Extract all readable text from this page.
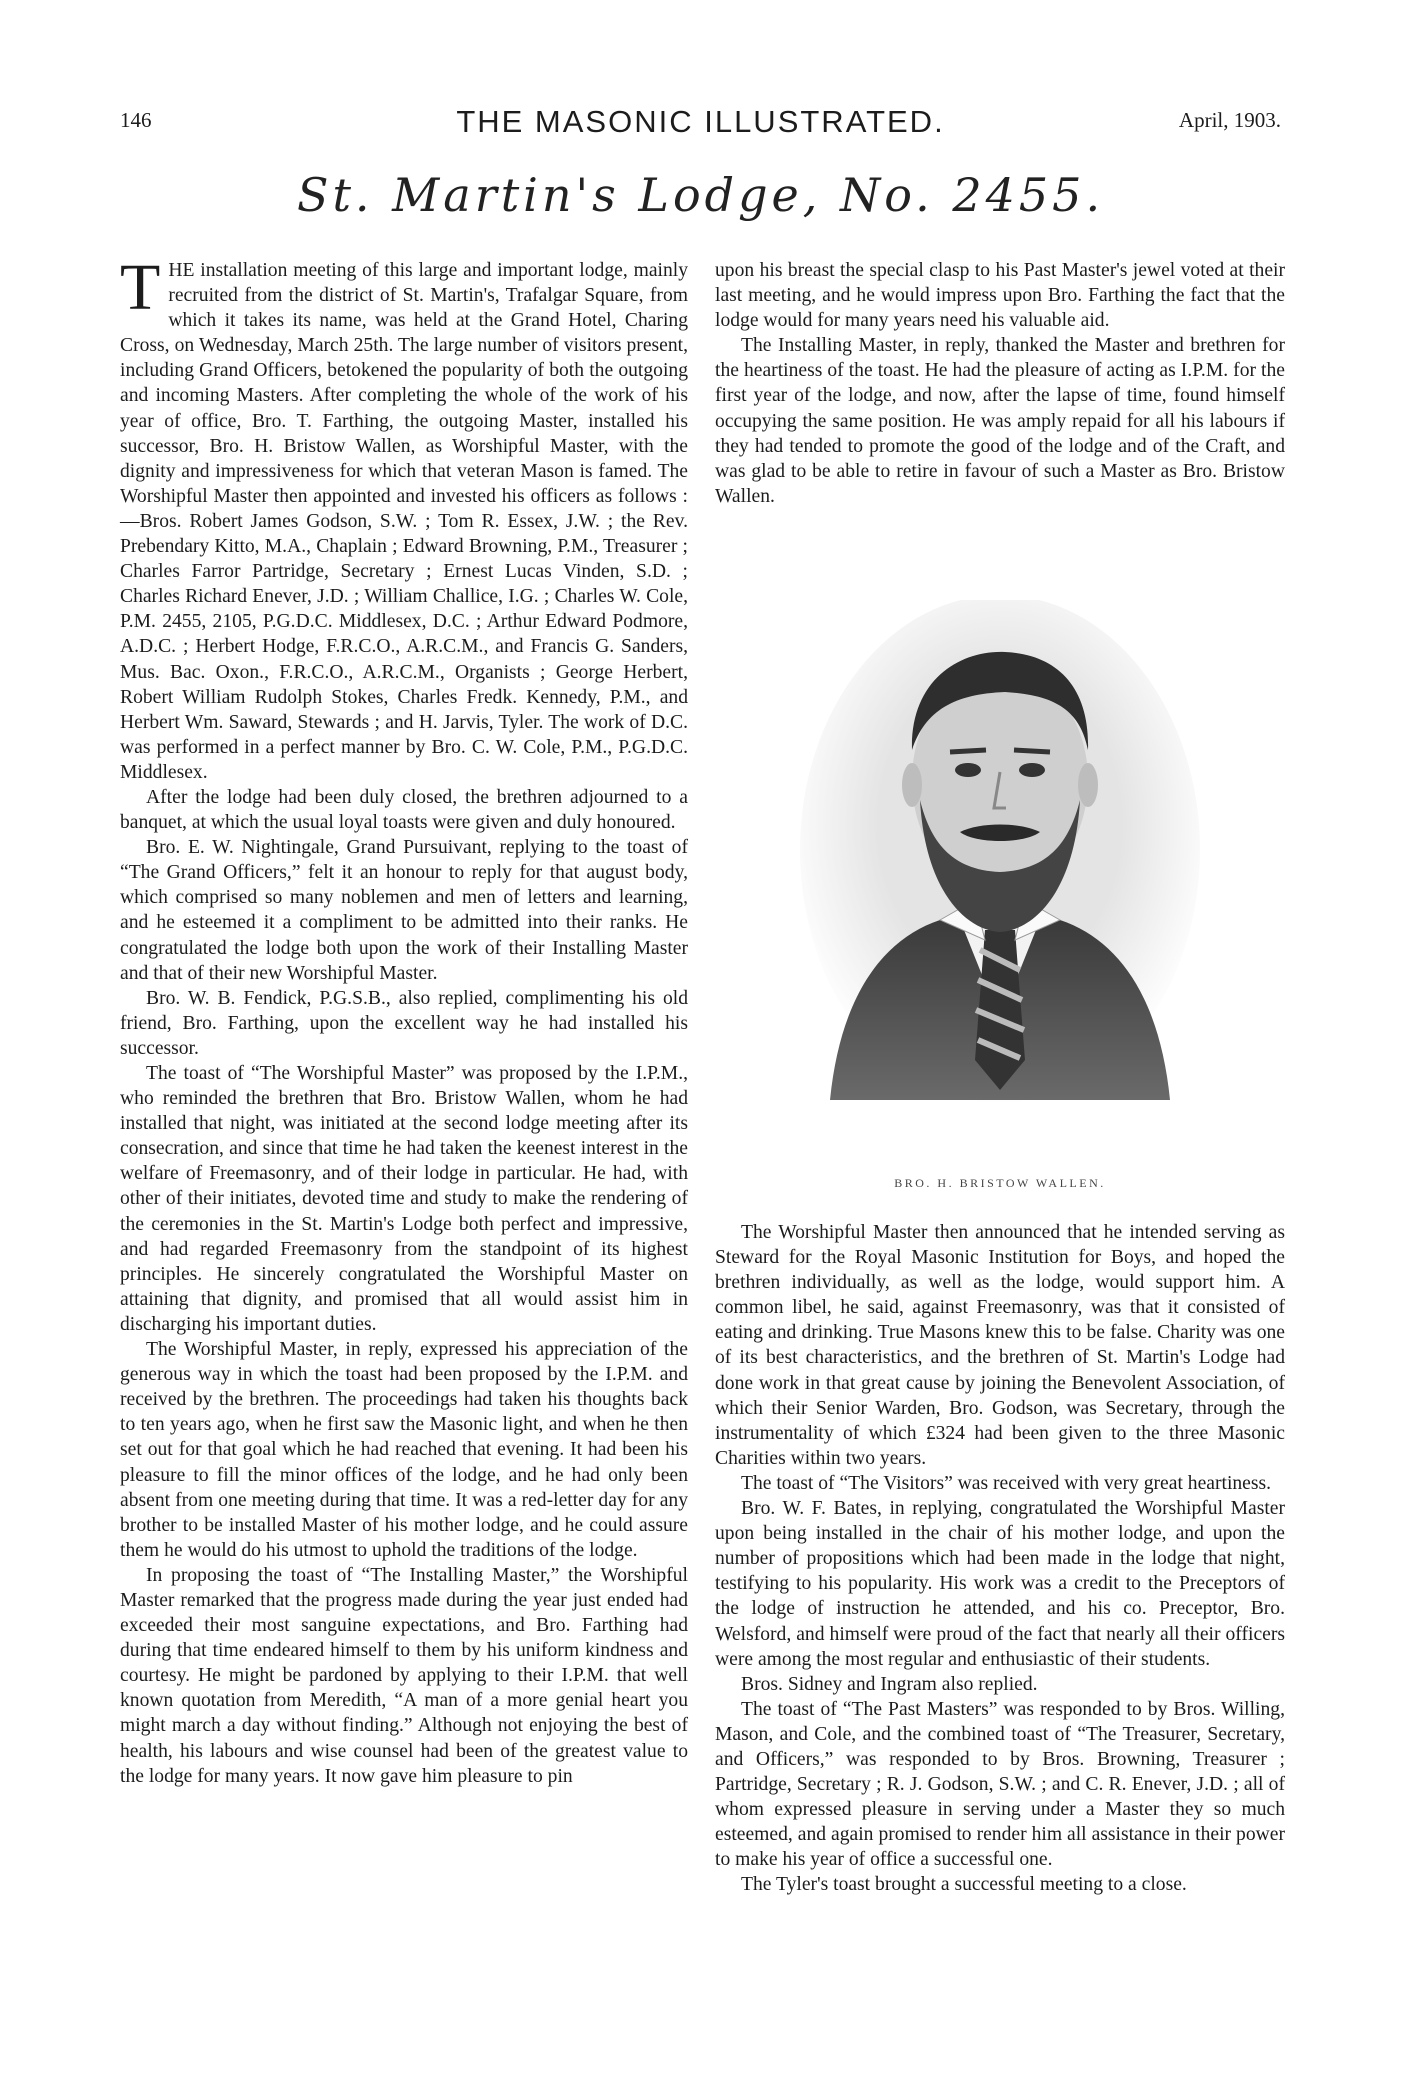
146	THE MASONIC ILLUSTRATED.	April, 1903.
St. Martin's Lodge, No. 2455.

THE installation meeting of this large and important lodge, mainly recruited from the district of St. Martin's, Trafalgar Square, from which it takes its name, was held at the Grand Hotel, Charing Cross, on Wednesday, March 25th. The large number of visitors present, including Grand Officers, betokened the popularity of both the outgoing and incoming Masters. After completing the whole of the work of his year of office, Bro. T. Farthing, the outgoing Master, installed his successor, Bro. H. Bristow Wallen, as Worshipful Master, with the dignity and impressiveness for which that veteran Mason is famed. The Worshipful Master then appointed and invested his officers as follows :—Bros. Robert James Godson, S.W. ; Tom R. Essex, J.W. ; the Rev. Prebendary Kitto, M.A., Chaplain ; Edward Browning, P.M., Treasurer ; Charles Farror Partridge, Secretary ; Ernest Lucas Vinden, S.D. ; Charles Richard Enever, J.D. ; William Challice, I.G. ; Charles W. Cole, P.M. 2455, 2105, P.G.D.C. Middlesex, D.C. ; Arthur Edward Podmore, A.D.C. ; Herbert Hodge, F.R.C.O., A.R.C.M., and Francis G. Sanders, Mus. Bac. Oxon., F.R.C.O., A.R.C.M., Organists ; George Herbert, Robert William Rudolph Stokes, Charles Fredk. Kennedy, P.M., and Herbert Wm. Saward, Stewards ; and H. Jarvis, Tyler. The work of D.C. was performed in a perfect manner by Bro. C. W. Cole, P.M., P.G.D.C. Middlesex.

After the lodge had been duly closed, the brethren adjourned to a banquet, at which the usual loyal toasts were given and duly honoured.

Bro. E. W. Nightingale, Grand Pursuivant, replying to the toast of “The Grand Officers,” felt it an honour to reply for that august body, which comprised so many noblemen and men of letters and learning, and he esteemed it a compliment to be admitted into their ranks. He congratulated the lodge both upon the work of their Installing Master and that of their new Worshipful Master.

Bro. W. B. Fendick, P.G.S.B., also replied, complimenting his old friend, Bro. Farthing, upon the excellent way he had installed his successor.

The toast of “The Worshipful Master” was proposed by the I.P.M., who reminded the brethren that Bro. Bristow Wallen, whom he had installed that night, was initiated at the second lodge meeting after its consecration, and since that time he had taken the keenest interest in the welfare of Freemasonry, and of their lodge in particular. He had, with other of their initiates, devoted time and study to make the rendering of the ceremonies in the St. Martin's Lodge both perfect and impressive, and had regarded Freemasonry from the standpoint of its highest principles. He sincerely congratulated the Worshipful Master on attaining that dignity, and promised that all would assist him in discharging his important duties.

The Worshipful Master, in reply, expressed his appreciation of the generous way in which the toast had been proposed by the I.P.M. and received by the brethren. The proceedings had taken his thoughts back to ten years ago, when he first saw the Masonic light, and when he then set out for that goal which he had reached that evening. It had been his pleasure to fill the minor offices of the lodge, and he had only been absent from one meeting during that time. It was a red-letter day for any brother to be installed Master of his mother lodge, and he could assure them he would do his utmost to uphold the traditions of the lodge.

In proposing the toast of “The Installing Master,” the Worshipful Master remarked that the progress made during the year just ended had exceeded their most sanguine expectations, and Bro. Farthing had during that time endeared himself to them by his uniform kindness and courtesy. He might be pardoned by applying to their I.P.M. that well known quotation from Meredith, “A man of a more genial heart you might march a day without finding.” Although not enjoying the best of health, his labours and wise counsel had been of the greatest value to the lodge for many years. It now gave him pleasure to pin

upon his breast the special clasp to his Past Master's jewel voted at their last meeting, and he would impress upon Bro. Farthing the fact that the lodge would for many years need his valuable aid.

The Installing Master, in reply, thanked the Master and brethren for the heartiness of the toast. He had the pleasure of acting as I.P.M. for the first year of the lodge, and now, after the lapse of time, found himself occupying the same position. He was amply repaid for all his labours if they had tended to promote the good of the lodge and of the Craft, and was glad to be able to retire in favour of such a Master as Bro. Bristow Wallen.

BRO. H. BRISTOW WALLEN.

The Worshipful Master then announced that he intended serving as Steward for the Royal Masonic Institution for Boys, and hoped the brethren individually, as well as the lodge, would support him. A common libel, he said, against Freemasonry, was that it consisted of eating and drinking. True Masons knew this to be false. Charity was one of its best characteristics, and the brethren of St. Martin's Lodge had done work in that great cause by joining the Benevolent Association, of which their Senior Warden, Bro. Godson, was Secretary, through the instrumentality of which £324 had been given to the three Masonic Charities within two years.

The toast of “The Visitors” was received with very great heartiness.

Bro. W. F. Bates, in replying, congratulated the Worshipful Master upon being installed in the chair of his mother lodge, and upon the number of propositions which had been made in the lodge that night, testifying to his popularity. His work was a credit to the Preceptors of the lodge of instruction he attended, and his co. Preceptor, Bro. Welsford, and himself were proud of the fact that nearly all their officers were among the most regular and enthusiastic of their students.

Bros. Sidney and Ingram also replied.

The toast of “The Past Masters” was responded to by Bros. Willing, Mason, and Cole, and the combined toast of “The Treasurer, Secretary, and Officers,” was responded to by Bros. Browning, Treasurer ; Partridge, Secretary ; R. J. Godson, S.W. ; and C. R. Enever, J.D. ; all of whom expressed pleasure in serving under a Master they so much esteemed, and again promised to render him all assistance in their power to make his year of office a successful one.

The Tyler's toast brought a successful meeting to a close.
